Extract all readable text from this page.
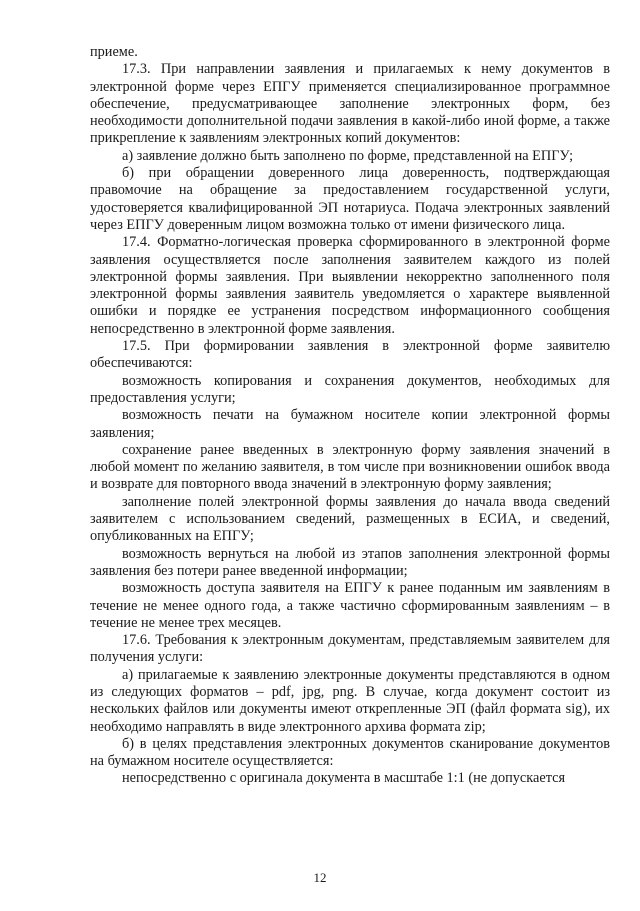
приеме.

17.3. При направлении заявления и прилагаемых к нему документов в электронной форме через ЕПГУ применяется специализированное программное обеспечение, предусматривающее заполнение электронных форм, без необходимости дополнительной подачи заявления в какой-либо иной форме, а также прикрепление к заявлениям электронных копий документов:

а) заявление должно быть заполнено по форме, представленной на ЕПГУ;

б) при обращении доверенного лица доверенность, подтверждающая правомочие на обращение за предоставлением государственной услуги, удостоверяется квалифицированной ЭП нотариуса. Подача электронных заявлений через ЕПГУ доверенным лицом возможна только от имени физического лица.

17.4. Форматно-логическая проверка сформированного в электронной форме заявления осуществляется после заполнения заявителем каждого из полей электронной формы заявления. При выявлении некорректно заполненного поля электронной формы заявления заявитель уведомляется о характере выявленной ошибки и порядке ее устранения посредством информационного сообщения непосредственно в электронной форме заявления.

17.5. При формировании заявления в электронной форме заявителю обеспечиваются:

возможность копирования и сохранения документов, необходимых для предоставления услуги;

возможность печати на бумажном носителе копии электронной формы заявления;

сохранение ранее введенных в электронную форму заявления значений в любой момент по желанию заявителя, в том числе при возникновении ошибок ввода и возврате для повторного ввода значений в электронную форму заявления;

заполнение полей электронной формы заявления до начала ввода сведений заявителем с использованием сведений, размещенных в ЕСИА, и сведений, опубликованных на ЕПГУ;

возможность вернуться на любой из этапов заполнения электронной формы заявления без потери ранее введенной информации;

возможность доступа заявителя на ЕПГУ к ранее поданным им заявлениям в течение не менее одного года, а также частично сформированным заявлениям – в течение не менее трех месяцев.

17.6. Требования к электронным документам, представляемым заявителем для получения услуги:

а) прилагаемые к заявлению электронные документы представляются в одном из следующих форматов – pdf, jpg, png. В случае, когда документ состоит из нескольких файлов или документы имеют открепленные ЭП (файл формата sig), их необходимо направлять в виде электронного архива формата zip;

б) в целях представления электронных документов сканирование документов на бумажном носителе осуществляется:

непосредственно с оригинала документа в масштабе 1:1 (не допускается

12
